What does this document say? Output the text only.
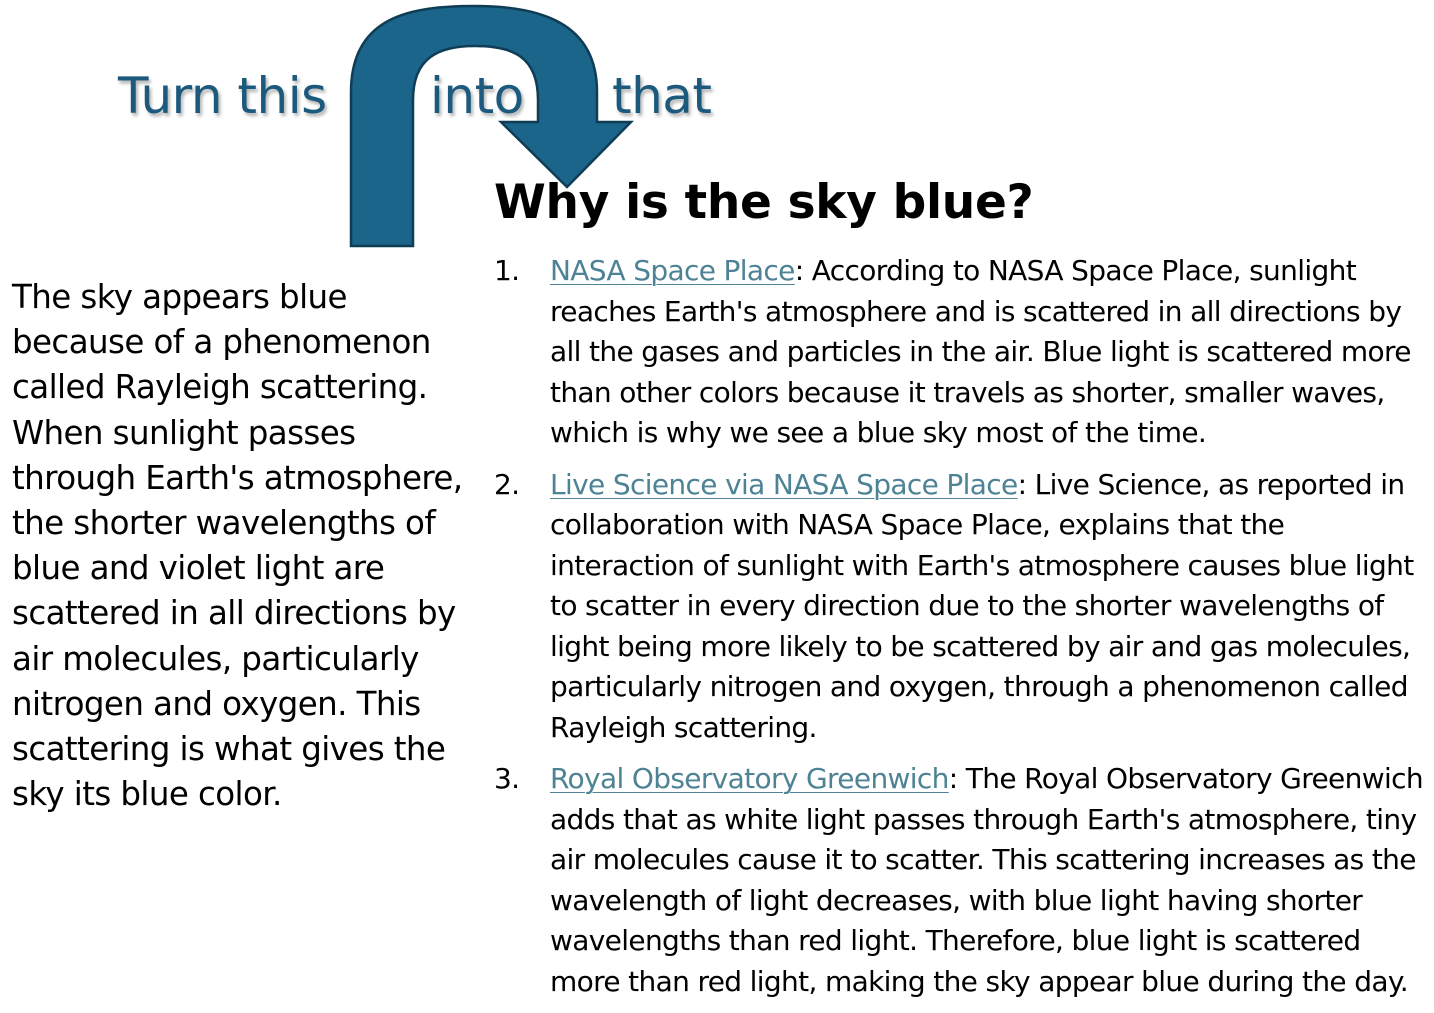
Turn this into that
The sky appears blue because of a phenomenon called Rayleigh scattering. When sunlight passes through Earth's atmosphere, the shorter wavelengths of blue and violet light are scattered in all directions by air molecules, particularly nitrogen and oxygen. This scattering is what gives the sky its blue color.
Why is the sky blue?
1. NASA Space Place: According to NASA Space Place, sunlight reaches Earth's atmosphere and is scattered in all directions by all the gases and particles in the air. Blue light is scattered more than other colors because it travels as shorter, smaller waves, which is why we see a blue sky most of the time.
2. Live Science via NASA Space Place: Live Science, as reported in collaboration with NASA Space Place, explains that the interaction of sunlight with Earth's atmosphere causes blue light to scatter in every direction due to the shorter wavelengths of light being more likely to be scattered by air and gas molecules, particularly nitrogen and oxygen, through a phenomenon called Rayleigh scattering.
3. Royal Observatory Greenwich: The Royal Observatory Greenwich adds that as white light passes through Earth's atmosphere, tiny air molecules cause it to scatter. This scattering increases as the wavelength of light decreases, with blue light having shorter wavelengths than red light. Therefore, blue light is scattered more than red light, making the sky appear blue during the day.
